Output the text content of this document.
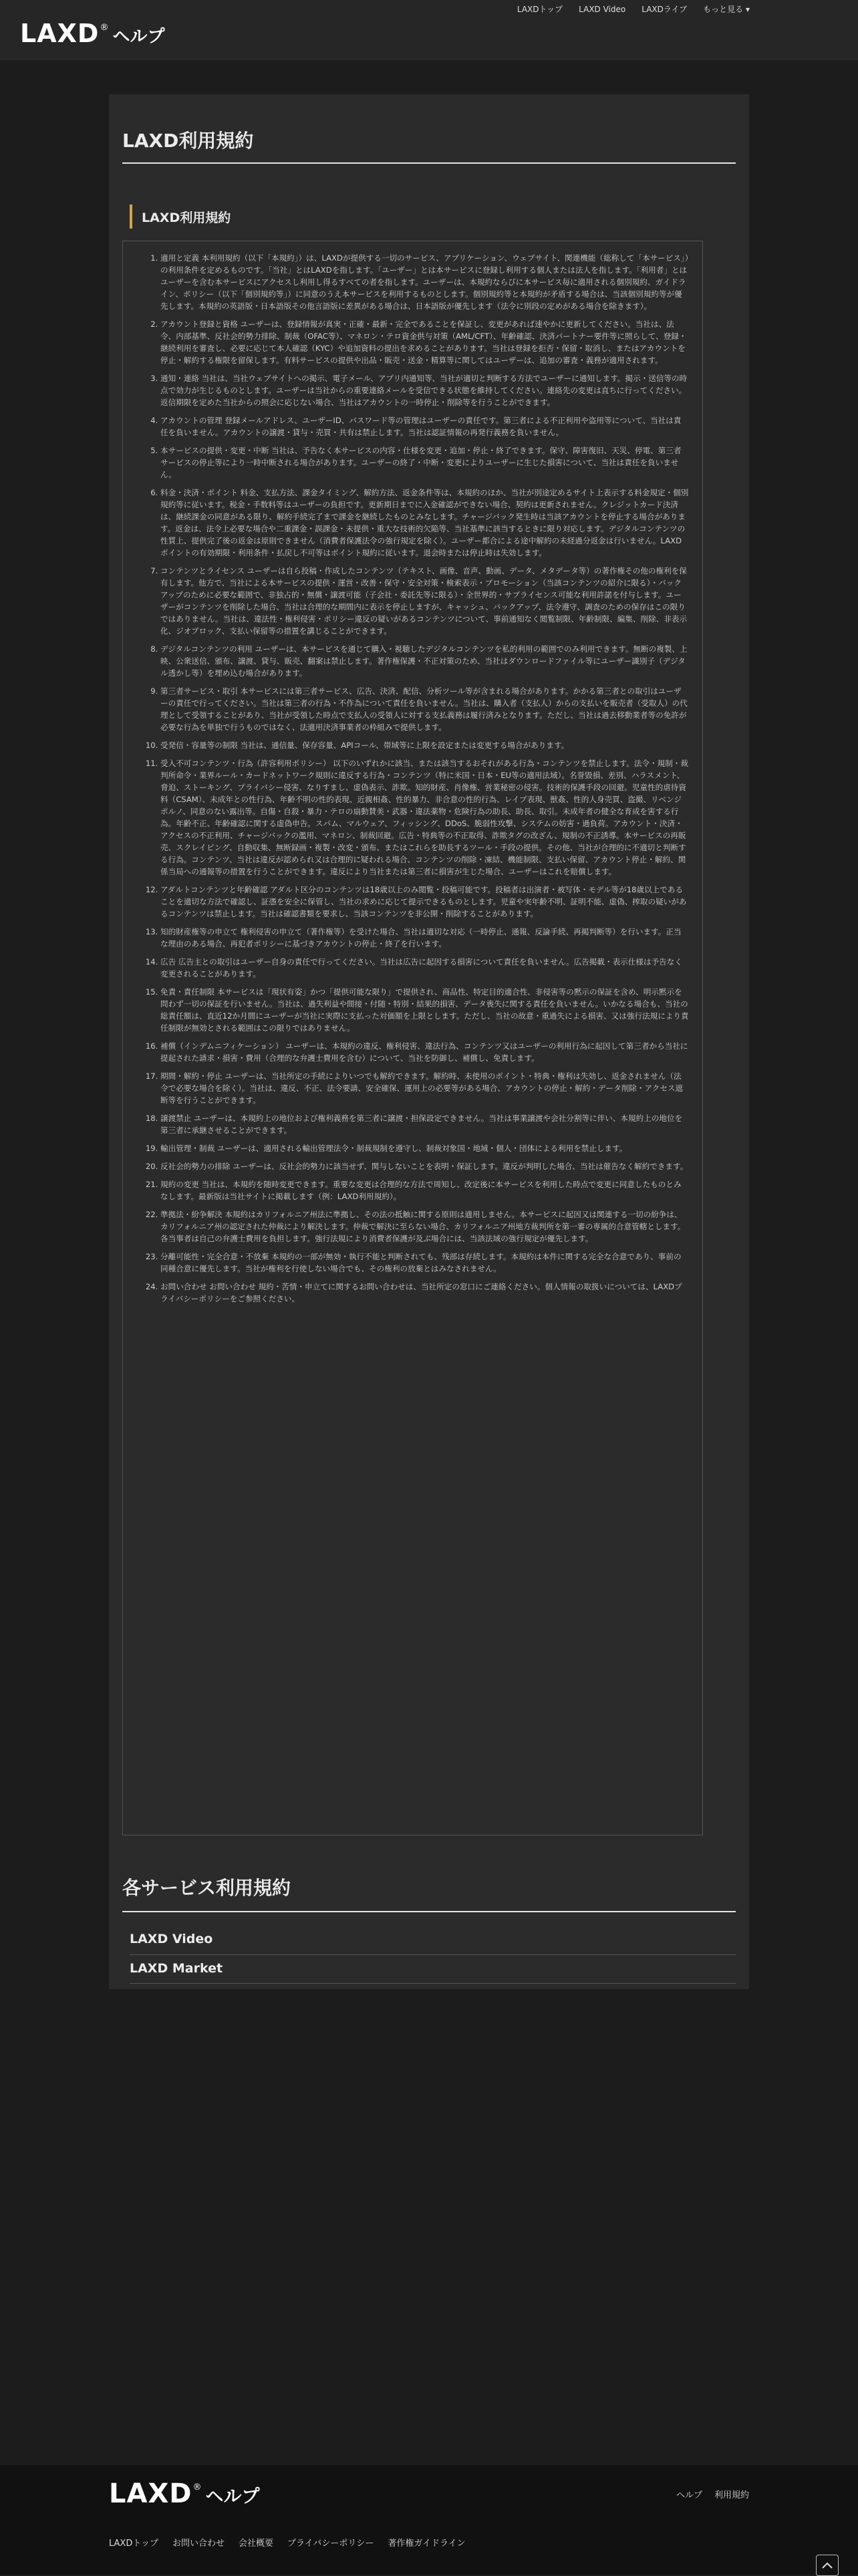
LAXDトップ	LAXD Video	LAXDライブ	もっと見る ▾
LAXD ® ヘルプ
LAXD利用規約
LAXD利用規約
1. 適用と定義 本利用規約（以下「本規約」）は、LAXDが提供する一切のサービス、アプリケーション、ウェブサイト、関連機能（総称して「本サービス」）の利用条件を定めるものです。「当社」とはLAXDを指します。「ユーザー」とは本サービスに登録し利用する個人または法人を指します。「利用者」とはユーザーを含む本サービスにアクセスし利用し得るすべての者を指します。ユーザーは、本規約ならびに本サービス毎に適用される個別規約、ガイドライン、ポリシー（以下「個別規約等」）に同意のうえ本サービスを利用するものとします。個別規約等と本規約が矛盾する場合は、当該個別規約等が優先します。本規約の英語版・日本語版その他言語版に差異がある場合は、日本語版が優先します（法令に別段の定めがある場合を除きます）。
2. アカウント登録と資格 ユーザーは、登録情報が真実・正確・最新・完全であることを保証し、変更があれば速やかに更新してください。当社は、法令、内部基準、反社会的勢力排除、制裁（OFAC等）、マネロン・テロ資金供与対策（AML/CFT）、年齢確認、決済パートナー要件等に照らして、登録・継続利用を審査し、必要に応じて本人確認（KYC）や追加資料の提出を求めることがあります。当社は登録を拒否・保留・取消し、またはアカウントを停止・解約する権限を留保します。有料サービスの提供や出品・販売・送金・精算等に関してはユーザーは、追加の審査・義務が適用されます。
3. 通知・連絡 当社は、当社ウェブサイトへの掲示、電子メール、アプリ内通知等、当社が適切と判断する方法でユーザーに通知します。掲示・送信等の時点で効力が生じるものとします。ユーザーは当社からの重要連絡メールを受信できる状態を維持してください。連絡先の変更は直ちに行ってください。返信期限を定めた当社からの照会に応じない場合、当社はアカウントの一時停止・削除等を行うことができます。
4. アカウントの管理 登録メールアドレス、ユーザーID、パスワード等の管理はユーザーの責任です。第三者による不正利用や盗用等について、当社は責任を負いません。アカウントの譲渡・貸与・売買・共有は禁止します。当社は認証情報の再発行義務を負いません。
5. 本サービスの提供・変更・中断 当社は、予告なく本サービスの内容・仕様を変更・追加・停止・終了できます。保守、障害復旧、天災、停電、第三者サービスの停止等により一時中断される場合があります。ユーザーの終了・中断・変更によりユーザーに生じた損害について、当社は責任を負いません。
6. 料金・決済・ポイント 料金、支払方法、課金タイミング、解約方法、返金条件等は、本規約のほか、当社が別途定めるサイト上表示する料金規定・個別規約等に従います。税金・手数料等はユーザーの負担です。更新期日までに入金確認ができない場合、契約は更新されません。クレジットカード決済は、継続課金の同意がある限り、解約手続完了まで課金を継続したものとみなします。チャージバック発生時は当該アカウントを停止する場合があります。返金は、法令上必要な場合や二重課金・誤課金・未提供・重大な技術的欠陥等、当社基準に該当するときに限り対応します。デジタルコンテンツの性質上、提供完了後の返金は原則できません（消費者保護法令の強行規定を除く）。ユーザー都合による途中解約の未経過分返金は行いません。LAXDポイントの有効期限・利用条件・払戻し不可等はポイント規約に従います。退会時または停止時は失効します。
7. コンテンツとライセンス ユーザーは自ら投稿・作成したコンテンツ（テキスト、画像、音声、動画、データ、メタデータ等）の著作権その他の権利を保有します。他方で、当社による本サービスの提供・運営・改善・保守・安全対策・検索表示・プロモーション（当該コンテンツの紹介に限る）・バックアップのために必要な範囲で、非独占的・無償・譲渡可能（子会社・委託先等に限る）・全世界的・サブライセンス可能な利用許諾を付与します。ユーザーがコンテンツを削除した場合、当社は合理的な期間内に表示を停止しますが、キャッシュ、バックアップ、法令遵守、調査のための保存はこの限りではありません。当社は、違法性・権利侵害・ポリシー違反の疑いがあるコンテンツについて、事前通知なく閲覧制限、年齢制限、編集、削除、非表示化、ジオブロック、支払い保留等の措置を講じることができます。
8. デジタルコンテンツの利用 ユーザーは、本サービスを通じて購入・視聴したデジタルコンテンツを私的利用の範囲でのみ利用できます。無断の複製、上映、公衆送信、頒布、譲渡、貸与、販売、翻案は禁止します。著作権保護・不正対策のため、当社はダウンロードファイル等にユーザー識別子（デジタル透かし等）を埋め込む場合があります。
9. 第三者サービス・取引 本サービスには第三者サービス、広告、決済、配信、分析ツール等が含まれる場合があります。かかる第三者との取引はユーザーの責任で行ってください。当社は第三者の行為・不作為について責任を負いません。当社は、購入者（支払人）からの支払いを販売者（受取人）の代理として受領することがあり、当社が受領した時点で支払人の受領人に対する支払義務は履行済みとなります。ただし、当社は過去移動業者等の免許が必要な行為を単独で行うものではなく、法適用決済事業者の枠組みで提供します。
10. 受発信・容量等の制限 当社は、通信量、保存容量、APIコール、帯域等に上限を設定または変更する場合があります。
11. 受入不可コンテンツ・行為（許容利用ポリシー） 以下のいずれかに該当、または該当するおそれがある行為・コンテンツを禁止します。法令・規制・裁判所命令・業界ルール・カードネットワーク規則に違反する行為・コンテンツ（特に米国・日本・EU等の適用法域）。名誉毀損、差別、ハラスメント、脅迫、ストーキング、プライバシー侵害、なりすまし、虚偽表示、詐欺。知的財産、肖像権、営業秘密の侵害。技術的保護手段の回避。児童性的虐待資料（CSAM）、未成年との性行為、年齢不明の性的表現、近親相姦、性的暴力、非合意の性的行為、レイプ表現、獣姦、性的人身売買、盗撮、リベンジポルノ、同意のない露出等。自傷・自殺・暴力・テロの扇動賛美・武器・違法薬物・危険行為の助長、助長、取引。未成年者の健全な育成を害する行為。年齢不正、年齢確認に関する虚偽申告。スパム、マルウェア、フィッシング、DDoS、脆弱性攻撃、システムの妨害・過負荷。アカウント・決済・アクセスの不正利用、チャージバックの濫用、マネロン、制裁回避。広告・特典等の不正取得、詐欺タグの改ざん、規制の不正誘導。本サービスの再販売、スクレイピング、自動収集、無断録画・複製・改変・頒布、またはこれらを助長するツール・手段の提供。その他、当社が合理的に不適切と判断する行為。コンテンツ、当社は違反が認められ又は合理的に疑われる場合、コンテンツの削除・凍結、機能制限、支払い保留、アカウント停止・解約、関係当局への通報等の措置を行うことができます。違反により当社または第三者に損害が生じた場合、ユーザーはこれを賠償します。
12. アダルトコンテンツと年齢確認 アダルト区分のコンテンツは18歳以上のみ閲覧・投稿可能です。投稿者は出演者・被写体・モデル等が18歳以上であることを適切な方法で確認し、証憑を安全に保管し、当社の求めに応じて提示できるものとします。児童や実年齢不明、証明不能、虚偽、搾取の疑いがあるコンテンツは禁止します。当社は確認書類を要求し、当該コンテンツを非公開・削除することがあります。
13. 知的財産権等の申立て 権利侵害の申立て（著作権等）を受けた場合、当社は適切な対応（一時停止、通報、反論手続、再掲判断等）を行います。正当な理由のある場合、再犯者ポリシーに基づきアカウントの停止・終了を行います。
14. 広告 広告主との取引はユーザー自身の責任で行ってください。当社は広告に起因する損害について責任を負いません。広告掲載・表示仕様は予告なく変更されることがあります。
15. 免責・責任制限 本サービスは「現状有姿」かつ「提供可能な限り」で提供され、商品性、特定目的適合性、非侵害等の黙示の保証を含め、明示黙示を問わず一切の保証を行いません。当社は、過失利益や間接・付随・特別・結果的損害、データ喪失に関する責任を負いません。いかなる場合も、当社の総責任額は、直近12か月間にユーザーが当社に実際に支払った対価額を上限とします。ただし、当社の故意・重過失による損害、又は強行法規により責任制限が無効とされる範囲はこの限りではありません。
16. 補償（インデムニフィケーション） ユーザーは、本規約の違反、権利侵害、違法行為、コンテンツ又はユーザーの利用行為に起因して第三者から当社に提起された請求・損害・費用（合理的な弁護士費用を含む）について、当社を防御し、補償し、免責します。
17. 期間・解約・停止 ユーザーは、当社所定の手続によりいつでも解約できます。解約時、未使用のポイント・特典・権利は失効し、返金されません（法令で必要な場合を除く）。当社は、違反、不正、法令要請、安全確保、運用上の必要等がある場合、アカウントの停止・解約・データ削除・アクセス遮断等を行うことができます。
18. 譲渡禁止 ユーザーは、本規約上の地位および権利義務を第三者に譲渡・担保設定できません。当社は事業譲渡や会社分割等に伴い、本規約上の地位を第三者に承継させることができます。
19. 輸出管理・制裁 ユーザーは、適用される輸出管理法令・制裁規制を遵守し、制裁対象国・地域・個人・団体による利用を禁止します。
20. 反社会的勢力の排除 ユーザーは、反社会的勢力に該当せず、関与しないことを表明・保証します。違反が判明した場合、当社は催告なく解約できます。
21. 規約の変更 当社は、本規約を随時変更できます。重要な変更は合理的な方法で周知し、改定後に本サービスを利用した時点で変更に同意したものとみなします。最新版は当社サイトに掲載します（例：LAXD利用規約）。
22. 準拠法・紛争解決 本規約はカリフォルニア州法に準拠し、その法の抵触に関する原則は適用しません。本サービスに起因又は関連する一切の紛争は、カリフォルニア州の認定された仲裁により解決します。仲裁で解決に至らない場合、カリフォルニア州地方裁判所を第一審の専属的合意管轄とします。各当事者は自己の弁護士費用を負担します。強行法規により消費者保護が及ぶ場合には、当該法域の強行規定が優先します。
23. 分離可能性・完全合意・不放棄 本規約の一部が無効・執行不能と判断されても、残部は存続します。本規約は本件に関する完全な合意であり、事前の同種合意に優先します。当社が権利を行使しない場合でも、その権利の放棄とはみなされません。
24. お問い合わせ お問い合わせ 規約・苦情・申立てに関するお問い合わせは、当社所定の窓口にご連絡ください。個人情報の取扱いについては、LAXDプライバシーポリシーをご参照ください。
各サービス利用規約
LAXD Video
LAXD Market
LAXD ® ヘルプ	ヘルプ 利用規約
LAXDトップ お問い合わせ 会社概要 プライバシーポリシー 著作権ガイドライン
